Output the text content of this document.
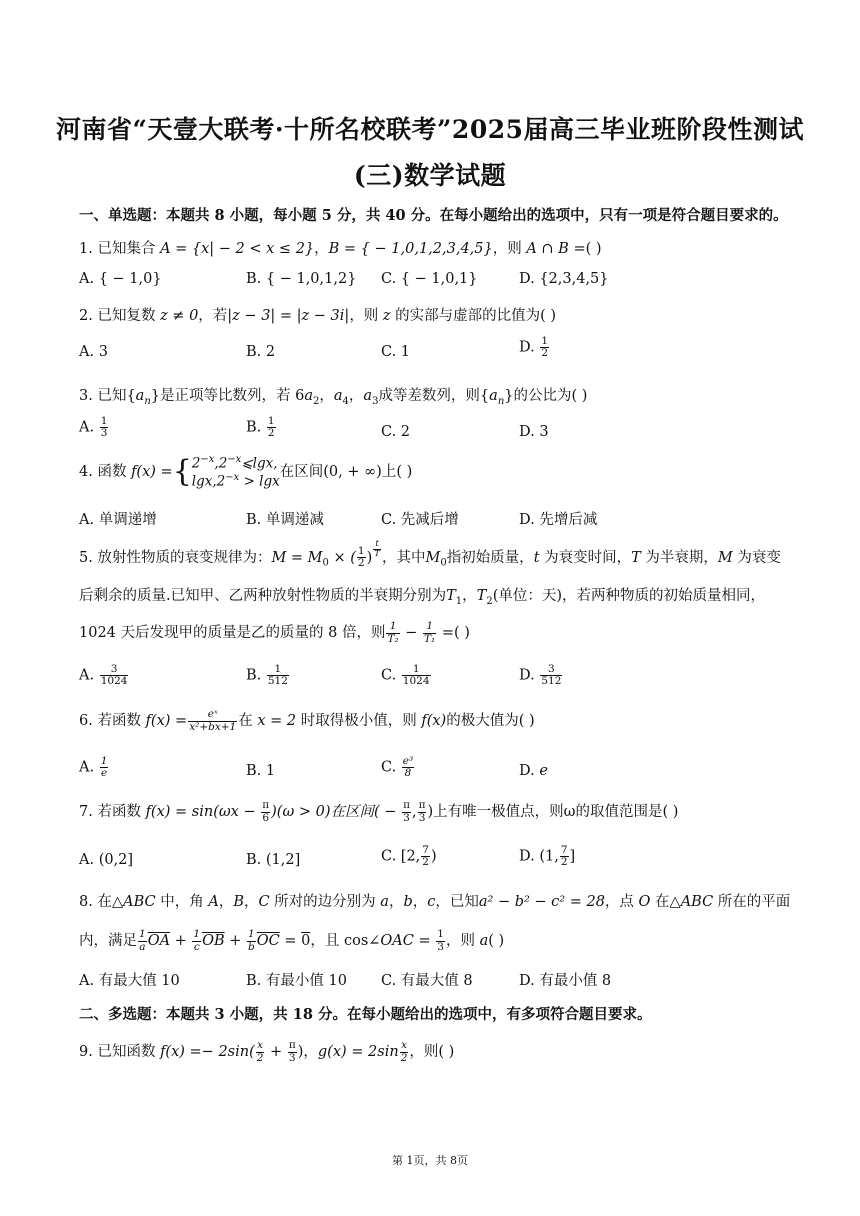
河南省“天壹大联考·十所名校联考”2025届高三毕业班阶段性测试
(三)数学试题
一、单选题：本题共 8 小题，每小题 5 分，共 40 分。在每小题给出的选项中，只有一项是符合题目要求的。
1. 已知集合 A = {x| − 2 < x ≤ 2}，B = { − 1,0,1,2,3,4,5}，则 A ∩ B =( )
A. { − 1,0}	B. { − 1,0,1,2} C. { − 1,0,1}	D. {2,3,4,5}
2. 已知复数 z ≠ 0，若|z − 3| = |z − 3i|，则 z 的实部与虚部的比值为( )
A. 3	B. 2	C. 1	D. $\frac{1}{2}$
3. 已知$\{a_n\}$是正项等比数列，若 $6a_2$，$a_4$，$a_3$成等差数列，则$\{a_n\}$的公比为( )
A. $\frac{1}{3}$	B. $\frac{1}{2}$	C. 2	D. 3
4. 函数 f(x) ={ $2^{-x},2^{-x}⩽\lg x$,
$\lg x,2^{-x} > \lg x$
在区间(0, + ∞)上( )
A. 单调递增	B. 单调递减	C. 先减后增	D. 先增后减
5. 放射性物质的衰变规律为：$M = M_0$ × ( $\frac{1}{2}$ ) $\frac{t}{T}$ ，其中$M_0$指初始质量，t 为衰变时间，T 为半衰期，M 为衰变
后剩余的质量.已知甲、乙两种放射性物质的半衰期分别为$T_1$，$T_2$(单位：天)，若两种物质的初始质量相同，
1024 天后发现甲的质量是乙的质量的 8 倍，则 $\frac{1}{\text{T₂}} - \frac{1}{\text{T₁}}$ =( )
A. $\frac{3}{1024}$	B. $\frac{1}{512}$	C. $\frac{1}{1024}$	D. $\frac{3}{512}$
6. 若函数 $f(x) = \frac{\text{eˣ}}{\text{x²+bx+1}}$ 在 x = 2 时取得极小值，则 f(x)的极大值为( )
A. $\frac{1}{e}$	B. 1	C. $\frac{\text{e³}}{8}$	D. e
7. 若函数 $f(x) = \sin(\omega x - \frac{\pi}{6} )(\omega > 0)$在区间( − $\frac{\pi}{3}$ , $\frac{\pi}{3}$ )上有唯一极值点，则ω的取值范围是( )
A. (0,2]	B. (1,2]	C. [2, $\frac{7}{2}$ )	D. (1, $\frac{7}{2}$ ]
8. 在△ABC 中，角 A，B，C 所对的边分别为 a，b，c，已知a² − b² − c² = 28，点 O 在△ABC 所在的平面
内，满足 $\frac{1}{a} \overline{OA} + \frac{1}{c} \overline{OB} + \frac{1}{b} \overline{OC} = 0$，且 cos∠OAC = $\frac{1}{3}$ ，则 a( )
A. 有最大值 10	B. 有最小值 10 C. 有最大值 8	D. 有最小值 8
二、多选题：本题共 3 小题，共 18 分。在每小题给出的选项中，有多项符合题目要求。
9. 已知函数 $f(x) =- 2\sin( \frac{x}{2} + \frac{\pi}{3}$ )，$g(x) = 2\sin \frac{x}{2}$ ，则( )
第 1页，共 8页
